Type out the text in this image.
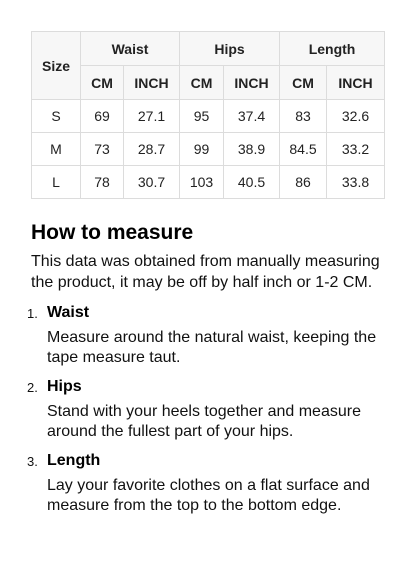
Size	Waist		Hips		Length	
	CM	INCH	CM	INCH	CM	INCH
S	69	27.1	95	37.4	83	32.6
M	73	28.7	99	38.9	84.5	33.2
L	78	30.7	103	40.5	86	33.8
How to measure

This data was obtained from manually measuring the product, it may be off by half inch or 1-2 CM.

1. Waist
Measure around the natural waist, keeping the tape measure taut.
2. Hips
Stand with your heels together and measure around the fullest part of your hips.
3. Length
Lay your favorite clothes on a flat surface and measure from the top to the bottom edge.
